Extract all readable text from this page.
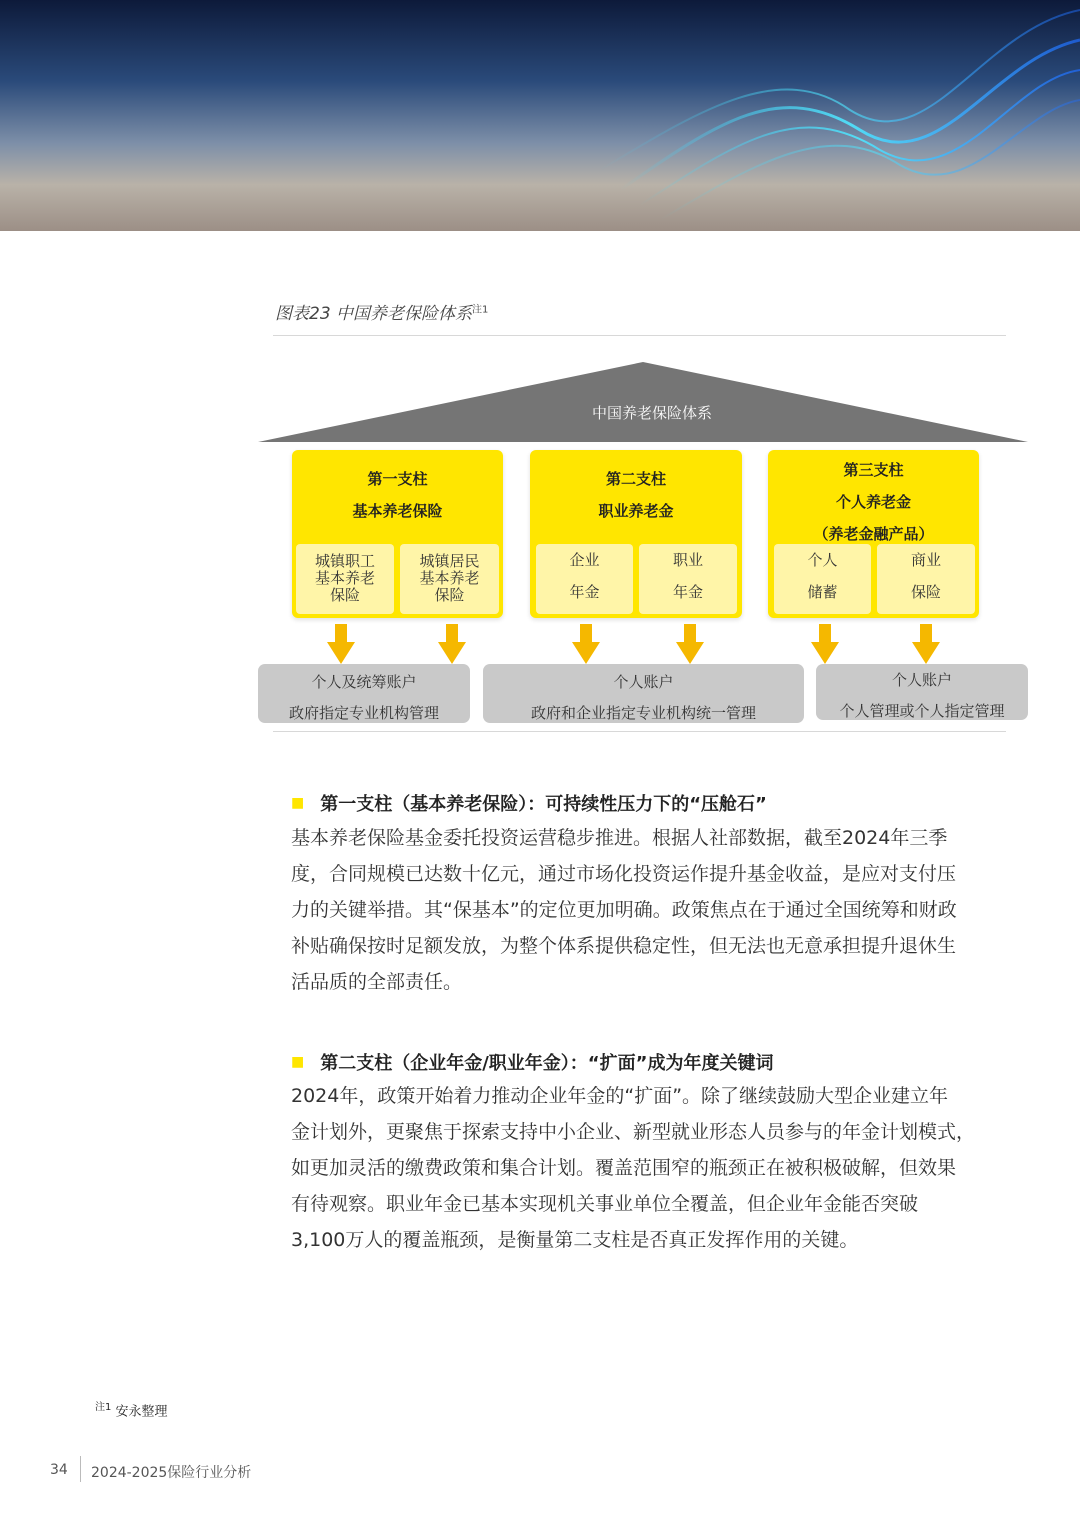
图表23 中国养老保险体系$^{注1}$
中国养老保险体系
第一支柱
基本养老保险
城镇职工
基本养老
保险
城镇居民
基本养老
保险
第二支柱
职业养老金
企业
年金
职业
年金
第三支柱
个人养老金
（养老金融产品）
个人
储蓄
商业
保险
个人及统筹账户
政府指定专业机构管理
个人账户
政府和企业指定专业机构统一管理
个人账户
个人管理或个人指定管理
■ 第一支柱（基本养老保险）：可持续性压力下的“压舱石”
基本养老保险基金委托投资运营稳步推进。根据人社部数据，截至2024年三季
度，合同规模已达数十亿元，通过市场化投资运作提升基金收益，是应对支付压
力的关键举措。其“保基本”的定位更加明确。政策焦点在于通过全国统筹和财政
补贴确保按时足额发放，为整个体系提供稳定性，但无法也无意承担提升退休生
活品质的全部责任。
■ 第二支柱（企业年金/职业年金）：“扩面”成为年度关键词
2024年，政策开始着力推动企业年金的“扩面”。除了继续鼓励大型企业建立年
金计划外，更聚焦于探索支持中小企业、新型就业形态人员参与的年金计划模式，
如更加灵活的缴费政策和集合计划。覆盖范围窄的瓶颈正在被积极破解，但效果
有待观察。职业年金已基本实现机关事业单位全覆盖，但企业年金能否突破
3,100万人的覆盖瓶颈，是衡量第二支柱是否真正发挥作用的关键。
$^{注1}$ 安永整理
34 2024-2025保险行业分析
